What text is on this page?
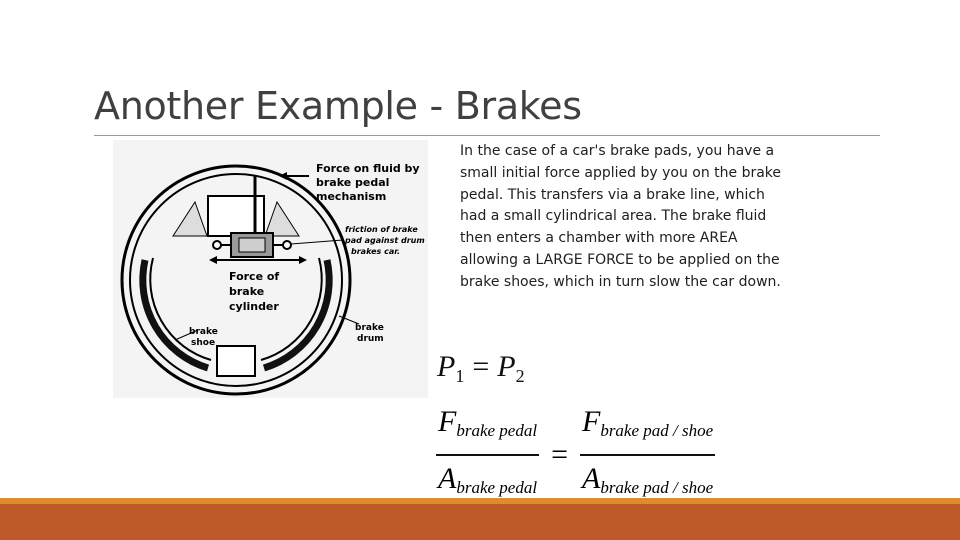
Another Example - Brakes
Force on fluid by brake pedal mechanism
friction of brake pad against drum brakes car.
Force of brake cylinder
brake shoe
brake drum

In the case of a car's brake pads, you have a small initial force applied by you on the brake pedal. This transfers via a brake line, which had a small cylindrical area. The brake fluid then enters a chamber with more AREA allowing a LARGE FORCE to be applied on the brake shoes, which in turn slow the car down.

$P_1 = P_2$
$\frac{F_{brake pedal}}{A_{brake pedal}} = \frac{F_{brake pad / shoe}}{A_{brake pad / shoe}}$
